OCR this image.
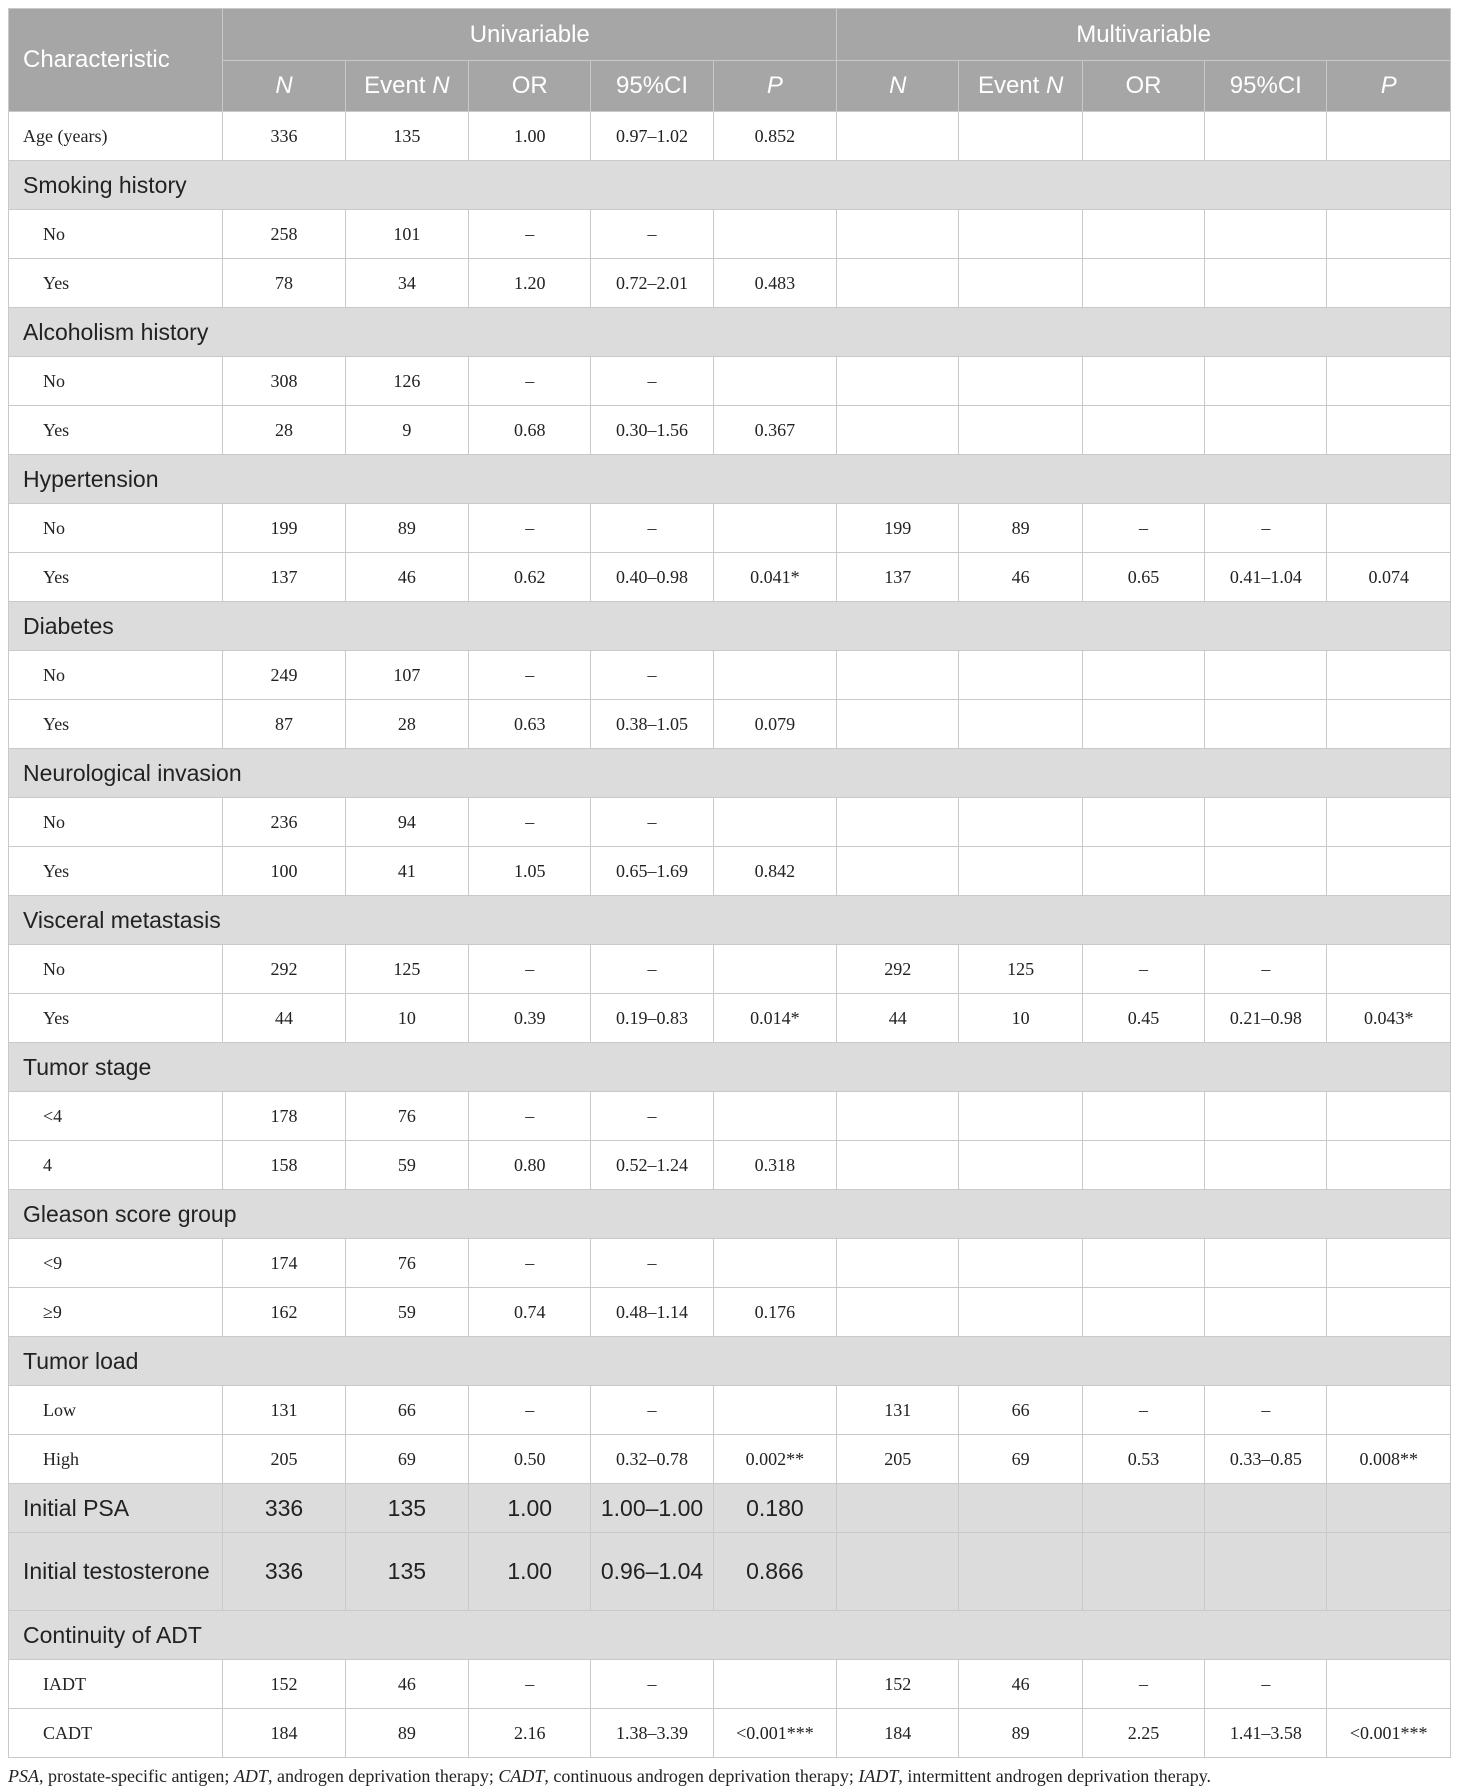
Characteristic	Univariable					Multivariable				
	N	Event N	OR	95%CI	P	N	Event N	OR	95%CI	P
Age (years)	336	135	1.00	0.97–1.02	0.852					
Smoking history										
No	258	101	–	–						
Yes	78	34	1.20	0.72–2.01	0.483					
Alcoholism history										
No	308	126	–	–						
Yes	28	9	0.68	0.30–1.56	0.367					
Hypertension										
No	199	89	–	–		199	89	–	–	
Yes	137	46	0.62	0.40–0.98	0.041*	137	46	0.65	0.41–1.04	0.074
Diabetes										
No	249	107	–	–						
Yes	87	28	0.63	0.38–1.05	0.079					
Neurological invasion										
No	236	94	–	–						
Yes	100	41	1.05	0.65–1.69	0.842					
Visceral metastasis										
No	292	125	–	–		292	125	–	–	
Yes	44	10	0.39	0.19–0.83	0.014*	44	10	0.45	0.21–0.98	0.043*
Tumor stage										
<4	178	76	–	–						
4	158	59	0.80	0.52–1.24	0.318					
Gleason score group										
<9	174	76	–	–						
≥9	162	59	0.74	0.48–1.14	0.176					
Tumor load										
Low	131	66	–	–		131	66	–	–	
High	205	69	0.50	0.32–0.78	0.002**	205	69	0.53	0.33–0.85	0.008**
Initial PSA	336	135	1.00	1.00–1.00	0.180					
Initial testosterone	336	135	1.00	0.96–1.04	0.866					
Continuity of ADT										
IADT	152	46	–	–		152	46	–	–	
CADT	184	89	2.16	1.38–3.39	<0.001***	184	89	2.25	1.41–3.58	<0.001***
PSA, prostate-specific antigen; ADT, androgen deprivation therapy; CADT, continuous androgen deprivation therapy; IADT, intermittent androgen deprivation therapy.
